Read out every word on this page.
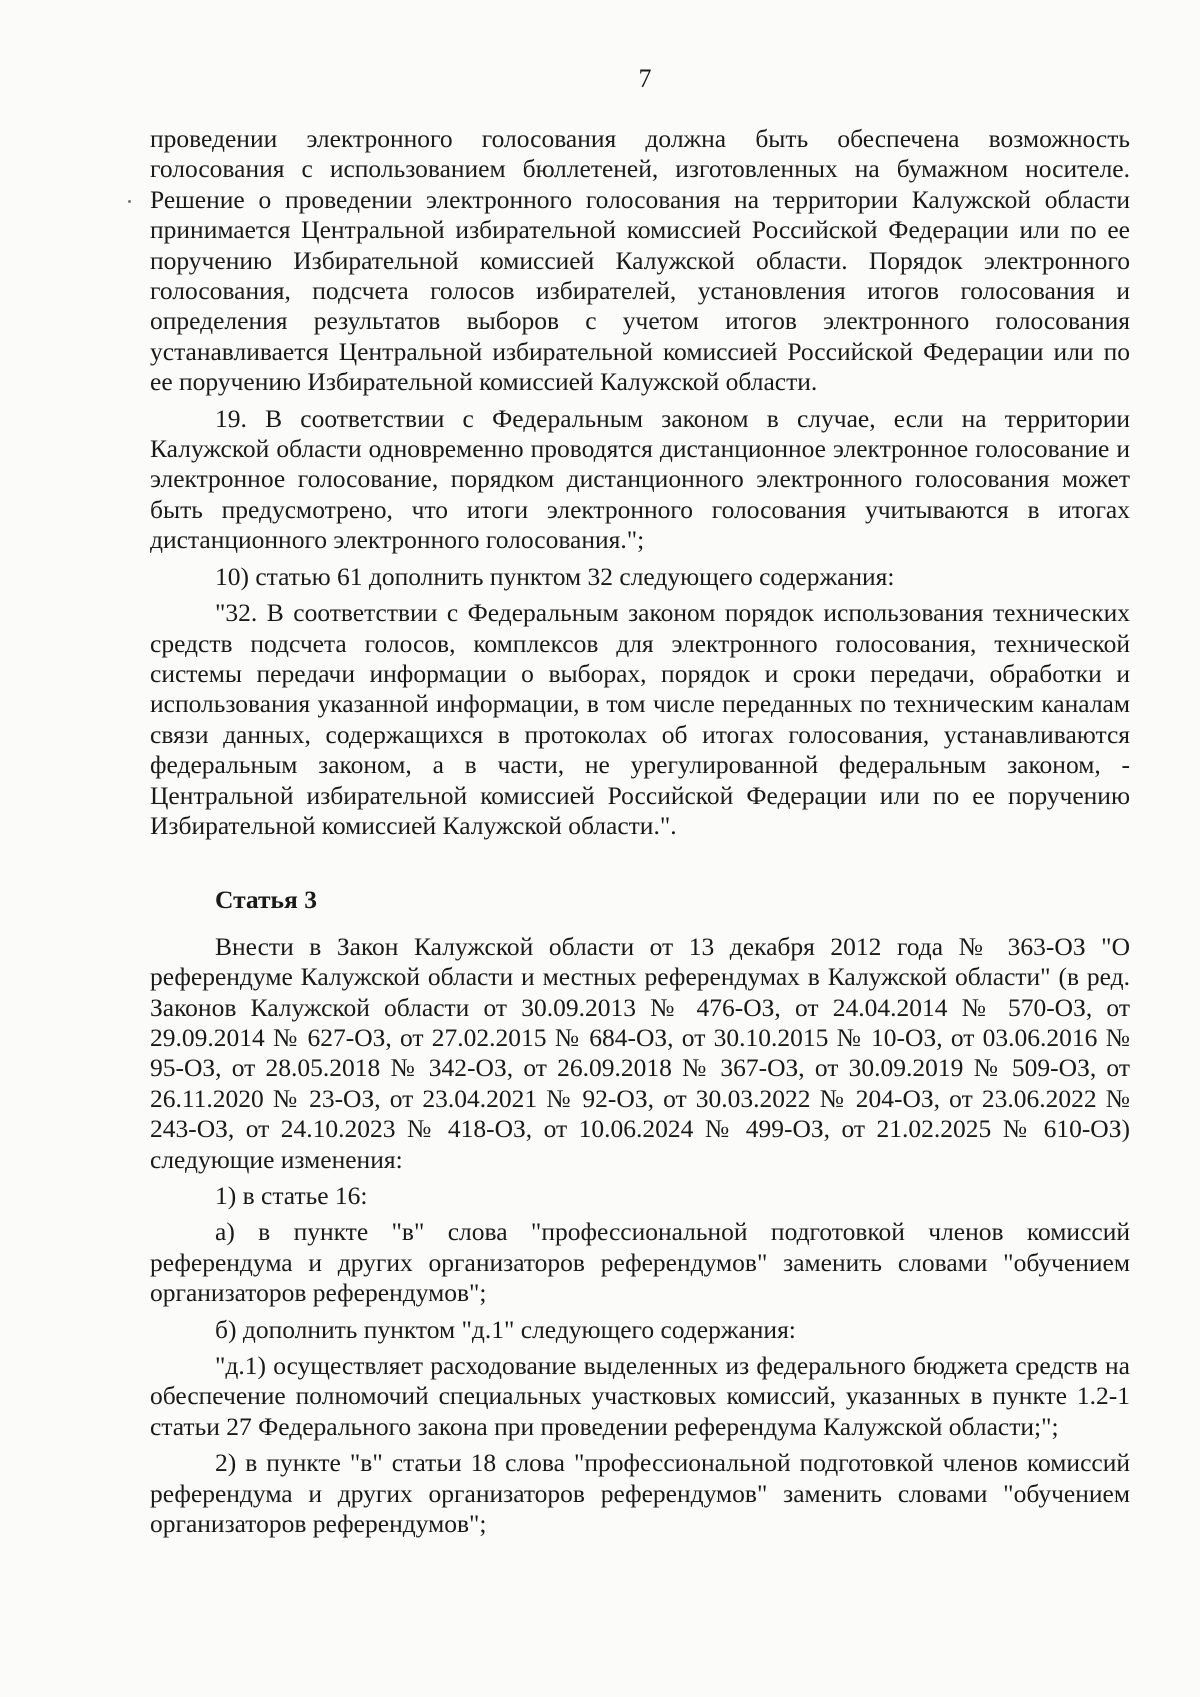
7

проведении электронного голосования должна быть обеспечена возможность голосования с использованием бюллетеней, изготовленных на бумажном носителе. Решение о проведении электронного голосования на территории Калужской области принимается Центральной избирательной комиссией Российской Федерации или по ее поручению Избирательной комиссией Калужской области. Порядок электронного голосования, подсчета голосов избирателей, установления итогов голосования и определения результатов выборов с учетом итогов электронного голосования устанавливается Центральной избирательной комиссией Российской Федерации или по ее поручению Избирательной комиссией Калужской области.

19. В соответствии с Федеральным законом в случае, если на территории Калужской области одновременно проводятся дистанционное электронное голосование и электронное голосование, порядком дистанционного электронного голосования может быть предусмотрено, что итоги электронного голосования учитываются в итогах дистанционного электронного голосования.";

10) статью 61 дополнить пунктом 32 следующего содержания:

"32. В соответствии с Федеральным законом порядок использования технических средств подсчета голосов, комплексов для электронного голосования, технической системы передачи информации о выборах, порядок и сроки передачи, обработки и использования указанной информации, в том числе переданных по техническим каналам связи данных, содержащихся в протоколах об итогах голосования, устанавливаются федеральным законом, а в части, не урегулированной федеральным законом, - Центральной избирательной комиссией Российской Федерации или по ее поручению Избирательной комиссией Калужской области.".

Статья 3

Внести в Закон Калужской области от 13 декабря 2012 года № 363-ОЗ "О референдуме Калужской области и местных референдумах в Калужской области" (в ред. Законов Калужской области от 30.09.2013 № 476-ОЗ, от 24.04.2014 № 570-ОЗ, от 29.09.2014 № 627-ОЗ, от 27.02.2015 № 684-ОЗ, от 30.10.2015 № 10-ОЗ, от 03.06.2016 № 95-ОЗ, от 28.05.2018 № 342-ОЗ, от 26.09.2018 № 367-ОЗ, от 30.09.2019 № 509-ОЗ, от 26.11.2020 № 23-ОЗ, от 23.04.2021 № 92-ОЗ, от 30.03.2022 № 204-ОЗ, от 23.06.2022 № 243-ОЗ, от 24.10.2023 № 418-ОЗ, от 10.06.2024 № 499-ОЗ, от 21.02.2025 № 610-ОЗ) следующие изменения:

1) в статье 16:

а) в пункте "в" слова "профессиональной подготовкой членов комиссий референдума и других организаторов референдумов" заменить словами "обучением организаторов референдумов";

б) дополнить пунктом "д.1" следующего содержания:

"д.1) осуществляет расходование выделенных из федерального бюджета средств на обеспечение полномочий специальных участковых комиссий, указанных в пункте 1.2-1 статьи 27 Федерального закона при проведении референдума Калужской области;";

2) в пункте "в" статьи 18 слова "профессиональной подготовкой членов комиссий референдума и других организаторов референдумов" заменить словами "обучением организаторов референдумов";
